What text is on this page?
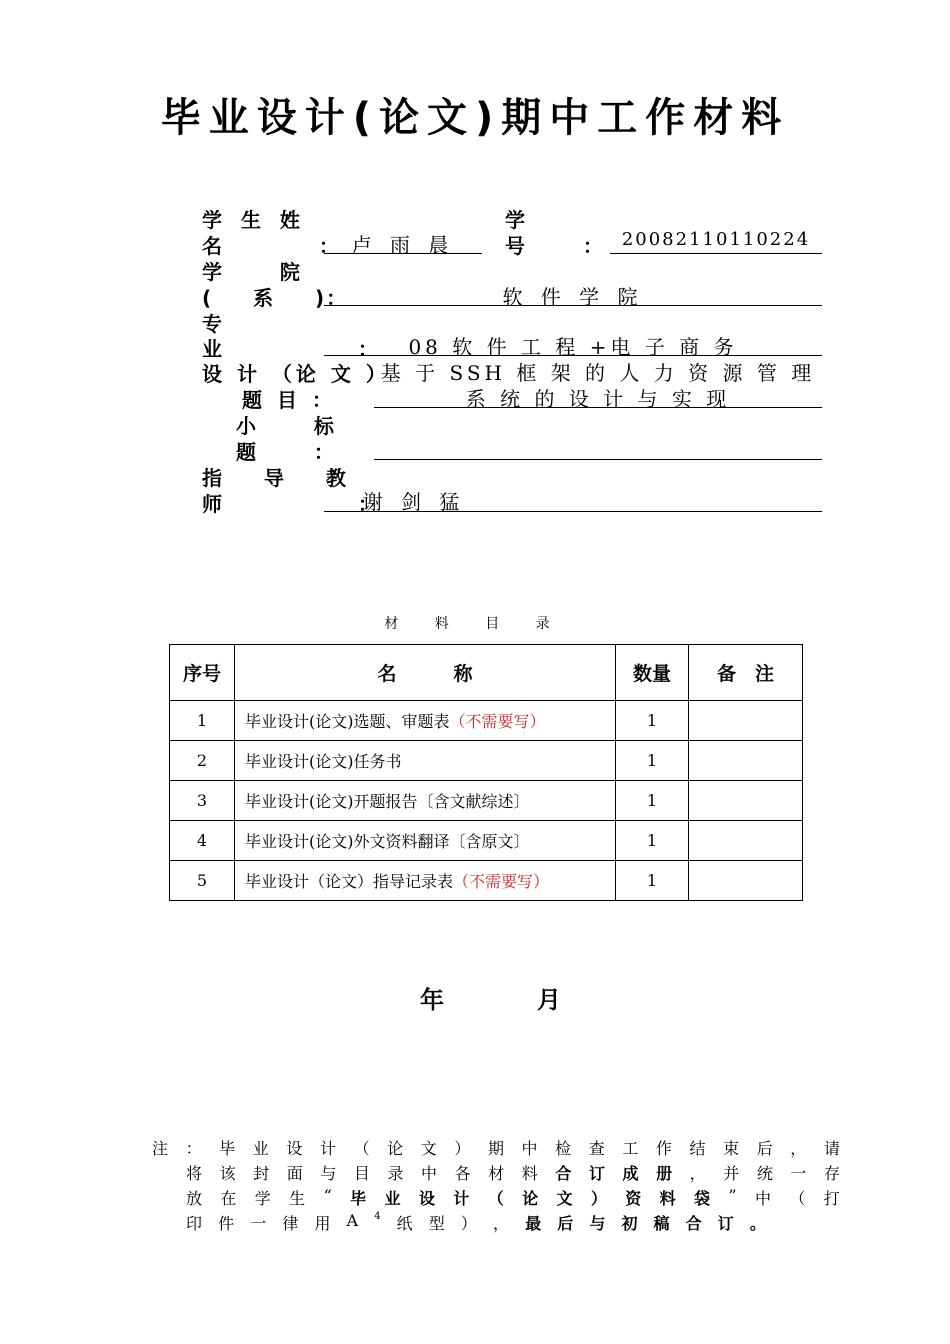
毕业设计(论文)期中工作材料
学 生 姓
名 　 　 ： 卢 雨 晨
学
号 　 ： 20082110110224
学 　 院
( 　 系 　 )：	软 件 学 院
专
业 　 　 　 ：	08 软 件 工 程 +电 子 商 务
设 计 （论 文 ）
题 目 ：
基 于 SSH 框 架 的 人 力 资 源 管 理
系 统 的 设 计 与 实 现
小 　 标
题 　 ：
指 　 导 　 教
师 　 　 　 ：
谢 剑 猛
材 料 目 录
序号	名　　　称	数量	备　注
1	毕业设计(论文)选题、审题表（不需要写）	1	
2	毕业设计(论文)任务书	1	
3	毕业设计(论文)开题报告〔含文献综述〕	1	
4	毕业设计(论文)外文资料翻译〔含原文〕	1	
5	毕业设计（论文）指导记录表（不需要写）	1	
年	月
注 ： 毕 业 设 计 （ 论 文 ） 期 中 检 查 工 作 结 束 后 ， 请
将 该 封 面 与 目 录 中 各 材 料 合 订 成 册 ， 并 统 一 存
放 在 学 生 “ 毕 业 设 计 （ 论 文 ） 资 料 袋 ” 中 （ 打
印 件 一 律 用 A 4 纸 型 ） ， 最 后 与 初 稿 合 订 。
